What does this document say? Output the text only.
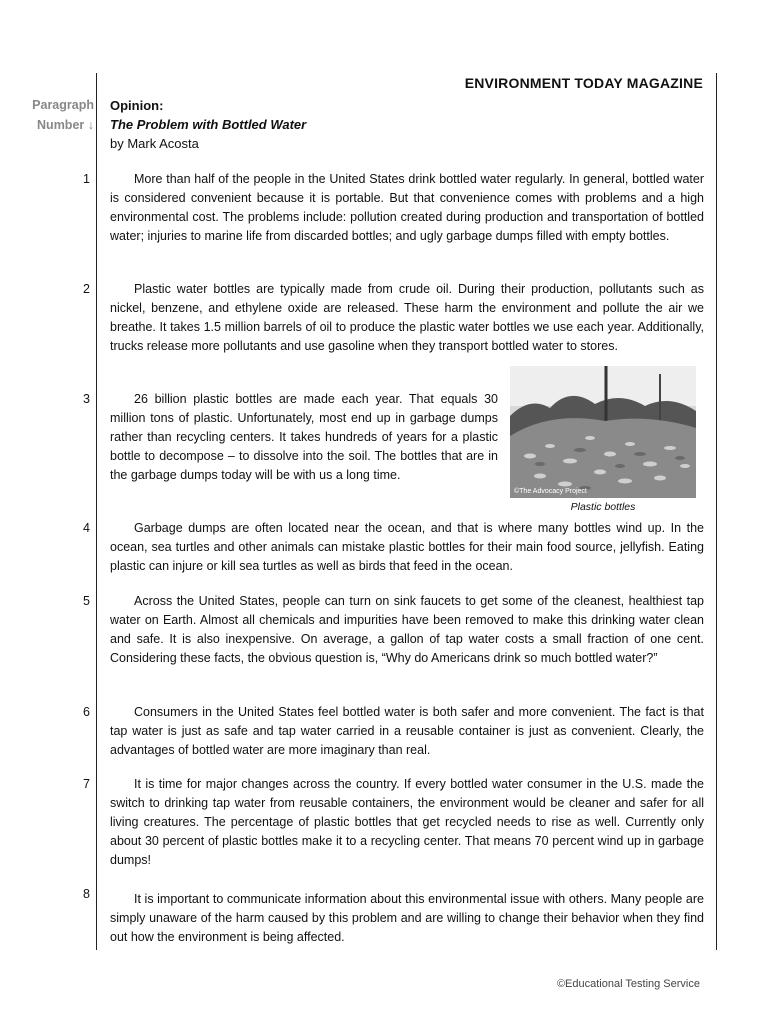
ENVIRONMENT TODAY MAGAZINE
Paragraph
Number ↓
Opinion:
The Problem with Bottled Water
by Mark Acosta
1	More than half of the people in the United States drink bottled water regularly. In general, bottled water is considered convenient because it is portable. But that convenience comes with problems and a high environmental cost. The problems include: pollution created during production and transportation of bottled water; injuries to marine life from discarded bottles; and ugly garbage dumps filled with empty bottles.

2	Plastic water bottles are typically made from crude oil. During their production, pollutants such as nickel, benzene, and ethylene oxide are released. These harm the environment and pollute the air we breathe. It takes 1.5 million barrels of oil to produce the plastic water bottles we use each year. Additionally, trucks release more pollutants and use gasoline when they transport bottled water to stores.

3	26 billion plastic bottles are made each year. That equals 30 million tons of plastic. Unfortunately, most end up in garbage dumps rather than recycling centers. It takes hundreds of years for a plastic bottle to decompose – to dissolve into the soil. The bottles that are in the garbage dumps today will be with us a long time.

©The Advocacy Project
Plastic bottles
4	Garbage dumps are often located near the ocean, and that is where many bottles wind up. In the ocean, sea turtles and other animals can mistake plastic bottles for their main food source, jellyfish. Eating plastic can injure or kill sea turtles as well as birds that feed in the ocean.

5	Across the United States, people can turn on sink faucets to get some of the cleanest, healthiest tap water on Earth. Almost all chemicals and impurities have been removed to make this drinking water clean and safe. It is also inexpensive. On average, a gallon of tap water costs a small fraction of one cent. Considering these facts, the obvious question is, “Why do Americans drink so much bottled water?”

6	Consumers in the United States feel bottled water is both safer and more convenient. The fact is that tap water is just as safe and tap water carried in a reusable container is just as convenient. Clearly, the advantages of bottled water are more imaginary than real.

7	It is time for major changes across the country. If every bottled water consumer in the U.S. made the switch to drinking tap water from reusable containers, the environment would be cleaner and safer for all living creatures. The percentage of plastic bottles that get recycled needs to rise as well. Currently only about 30 percent of plastic bottles make it to a recycling center. That means 70 percent wind up in garbage dumps!

8	It is important to communicate information about this environmental issue with others. Many people are simply unaware of the harm caused by this problem and are willing to change their behavior when they find out how the environment is being affected.

©Educational Testing Service
